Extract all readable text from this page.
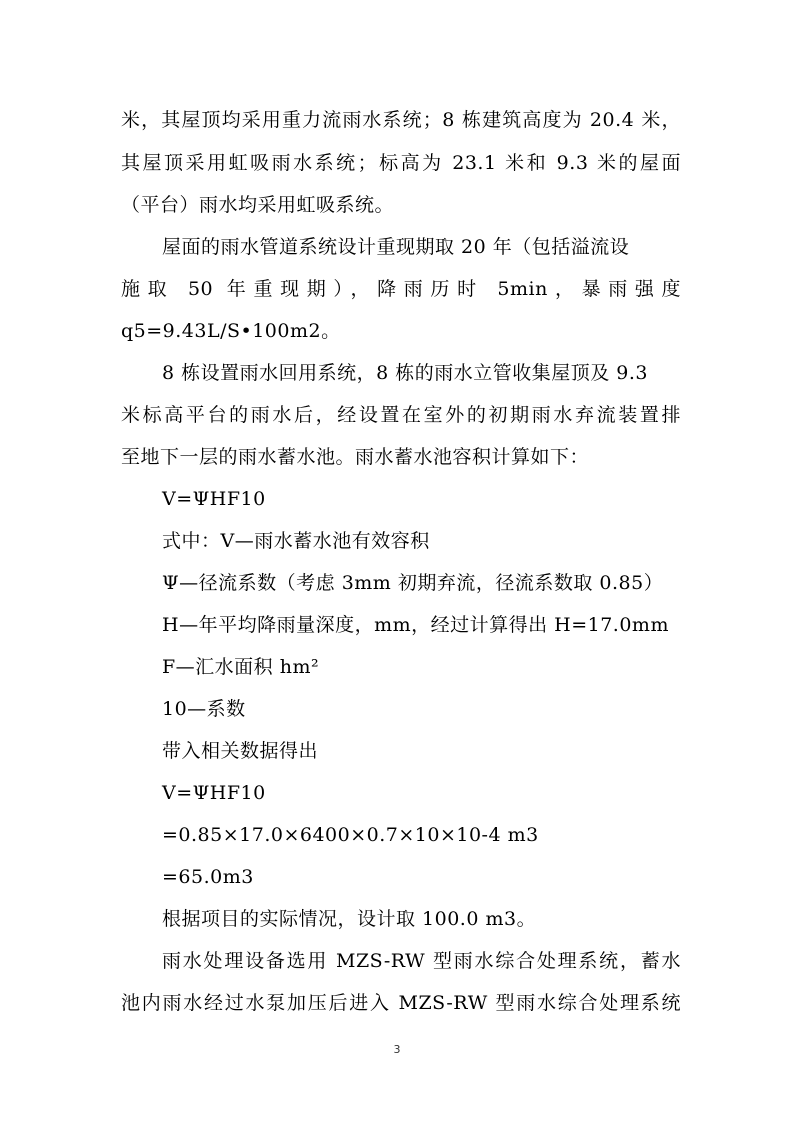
米，其屋顶均采用重力流雨水系统；8 栋建筑高度为 20.4 米，
其屋顶采用虹吸雨水系统；标高为 23.1 米和 9.3 米的屋面
（平台）雨水均采用虹吸系统。
屋面的雨水管道系统设计重现期取 20 年（包括溢流设
施取 50 年重现期），降雨历时 5min，暴雨强度
q5=9.43L/S•100m2。
8 栋设置雨水回用系统，8 栋的雨水立管收集屋顶及 9.3
米标高平台的雨水后，经设置在室外的初期雨水弃流装置排
至地下一层的雨水蓄水池。雨水蓄水池容积计算如下：
V=ΨHF10
式中：V—雨水蓄水池有效容积
Ψ—径流系数（考虑 3mm 初期弃流，径流系数取 0.85）
H—年平均降雨量深度，mm，经过计算得出 H=17.0mm
F—汇水面积 hm²
10—系数
带入相关数据得出
V=ΨHF10
=0.85×17.0×6400×0.7×10×10-4 m3
=65.0m3
根据项目的实际情况，设计取 100.0 m3。
雨水处理设备选用 MZS-RW 型雨水综合处理系统，蓄水
池内雨水经过水泵加压后进入 MZS-RW 型雨水综合处理系统
3
